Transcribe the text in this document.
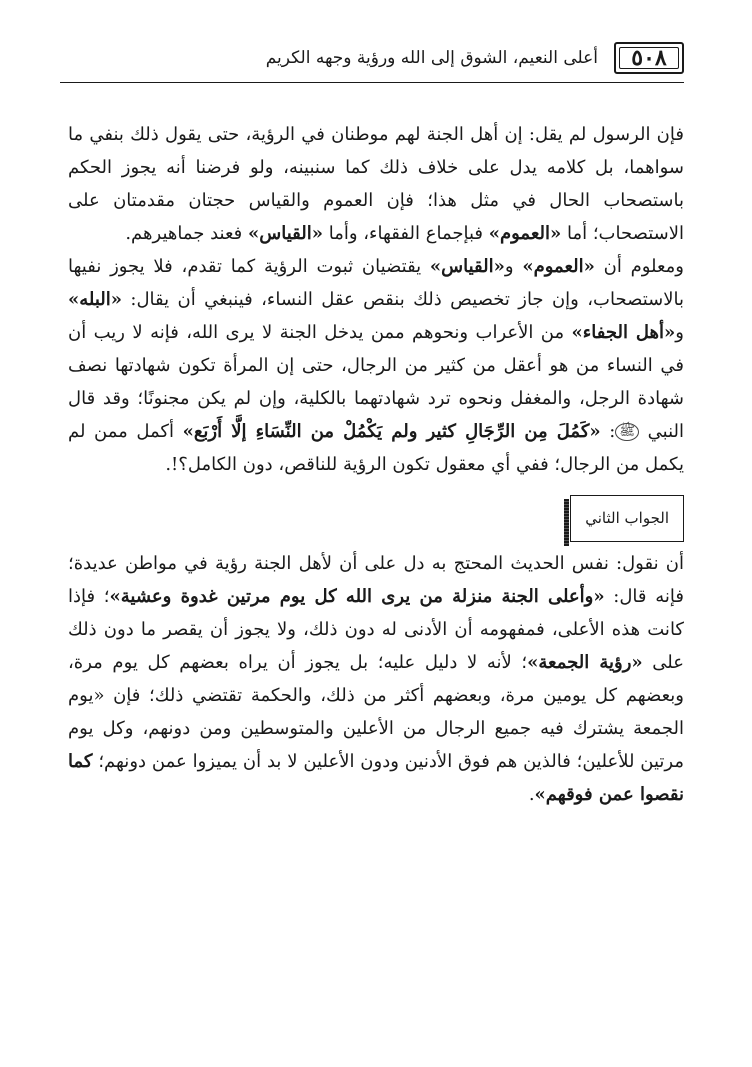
٥٠٨
أعلى النعيم، الشوق إلى الله ورؤية وجهه الكريم

فإن الرسول لم يقل: إن أهل الجنة لهم موطنان في الرؤية، حتى يقول ذلك بنفي ما سواهما، بل كلامه يدل على خلاف ذلك كما سنبينه، ولو فرضنا أنه يجوز الحكم باستصحاب الحال في مثل هذا؛ فإن العموم والقياس حجتان مقدمتان على الاستصحاب؛ أما «العموم» فبإجماع الفقهاء، وأما «القياس» فعند جماهيرهم.

ومعلوم أن «العموم» و«القياس» يقتضيان ثبوت الرؤية كما تقدم، فلا يجوز نفيها بالاستصحاب، وإن جاز تخصيص ذلك بنقص عقل النساء، فينبغي أن يقال: «البله» و«أهل الجفاء» من الأعراب ونحوهم ممن يدخل الجنة لا يرى الله، فإنه لا ريب أن في النساء من هو أعقل من كثير من الرجال، حتى إن المرأة تكون شهادتها نصف شهادة الرجل، والمغفل ونحوه ترد شهادتهما بالكلية، وإن لم يكن مجنونًا؛ وقد قال النبي ﷺ: «كَمُلَ مِن الرِّجَالِ كثير ولم يَكْمُلْ من النِّسَاءِ إلَّا أَرْبَع» أكمل ممن لم يكمل من الرجال؛ ففي أي معقول تكون الرؤية للناقص، دون الكامل؟!.

الجواب الثاني

أن نقول: نفس الحديث المحتج به دل على أن لأهل الجنة رؤية في مواطن عديدة؛ فإنه قال: «وأعلى الجنة منزلة من يرى الله كل يوم مرتين غدوة وعشية»؛ فإذا كانت هذه الأعلى، فمفهومه أن الأدنى له دون ذلك، ولا يجوز أن يقصر ما دون ذلك على «رؤية الجمعة»؛ لأنه لا دليل عليه؛ بل يجوز أن يراه بعضهم كل يوم مرة، وبعضهم كل يومين مرة، وبعضهم أكثر من ذلك، والحكمة تقتضي ذلك؛ فإن «يوم الجمعة يشترك فيه جميع الرجال من الأعلين والمتوسطين ومن دونهم، وكل يوم مرتين للأعلين؛ فالذين هم فوق الأدنين ودون الأعلين لا بد أن يميزوا عمن دونهم؛ كما نقصوا عمن فوقهم».
